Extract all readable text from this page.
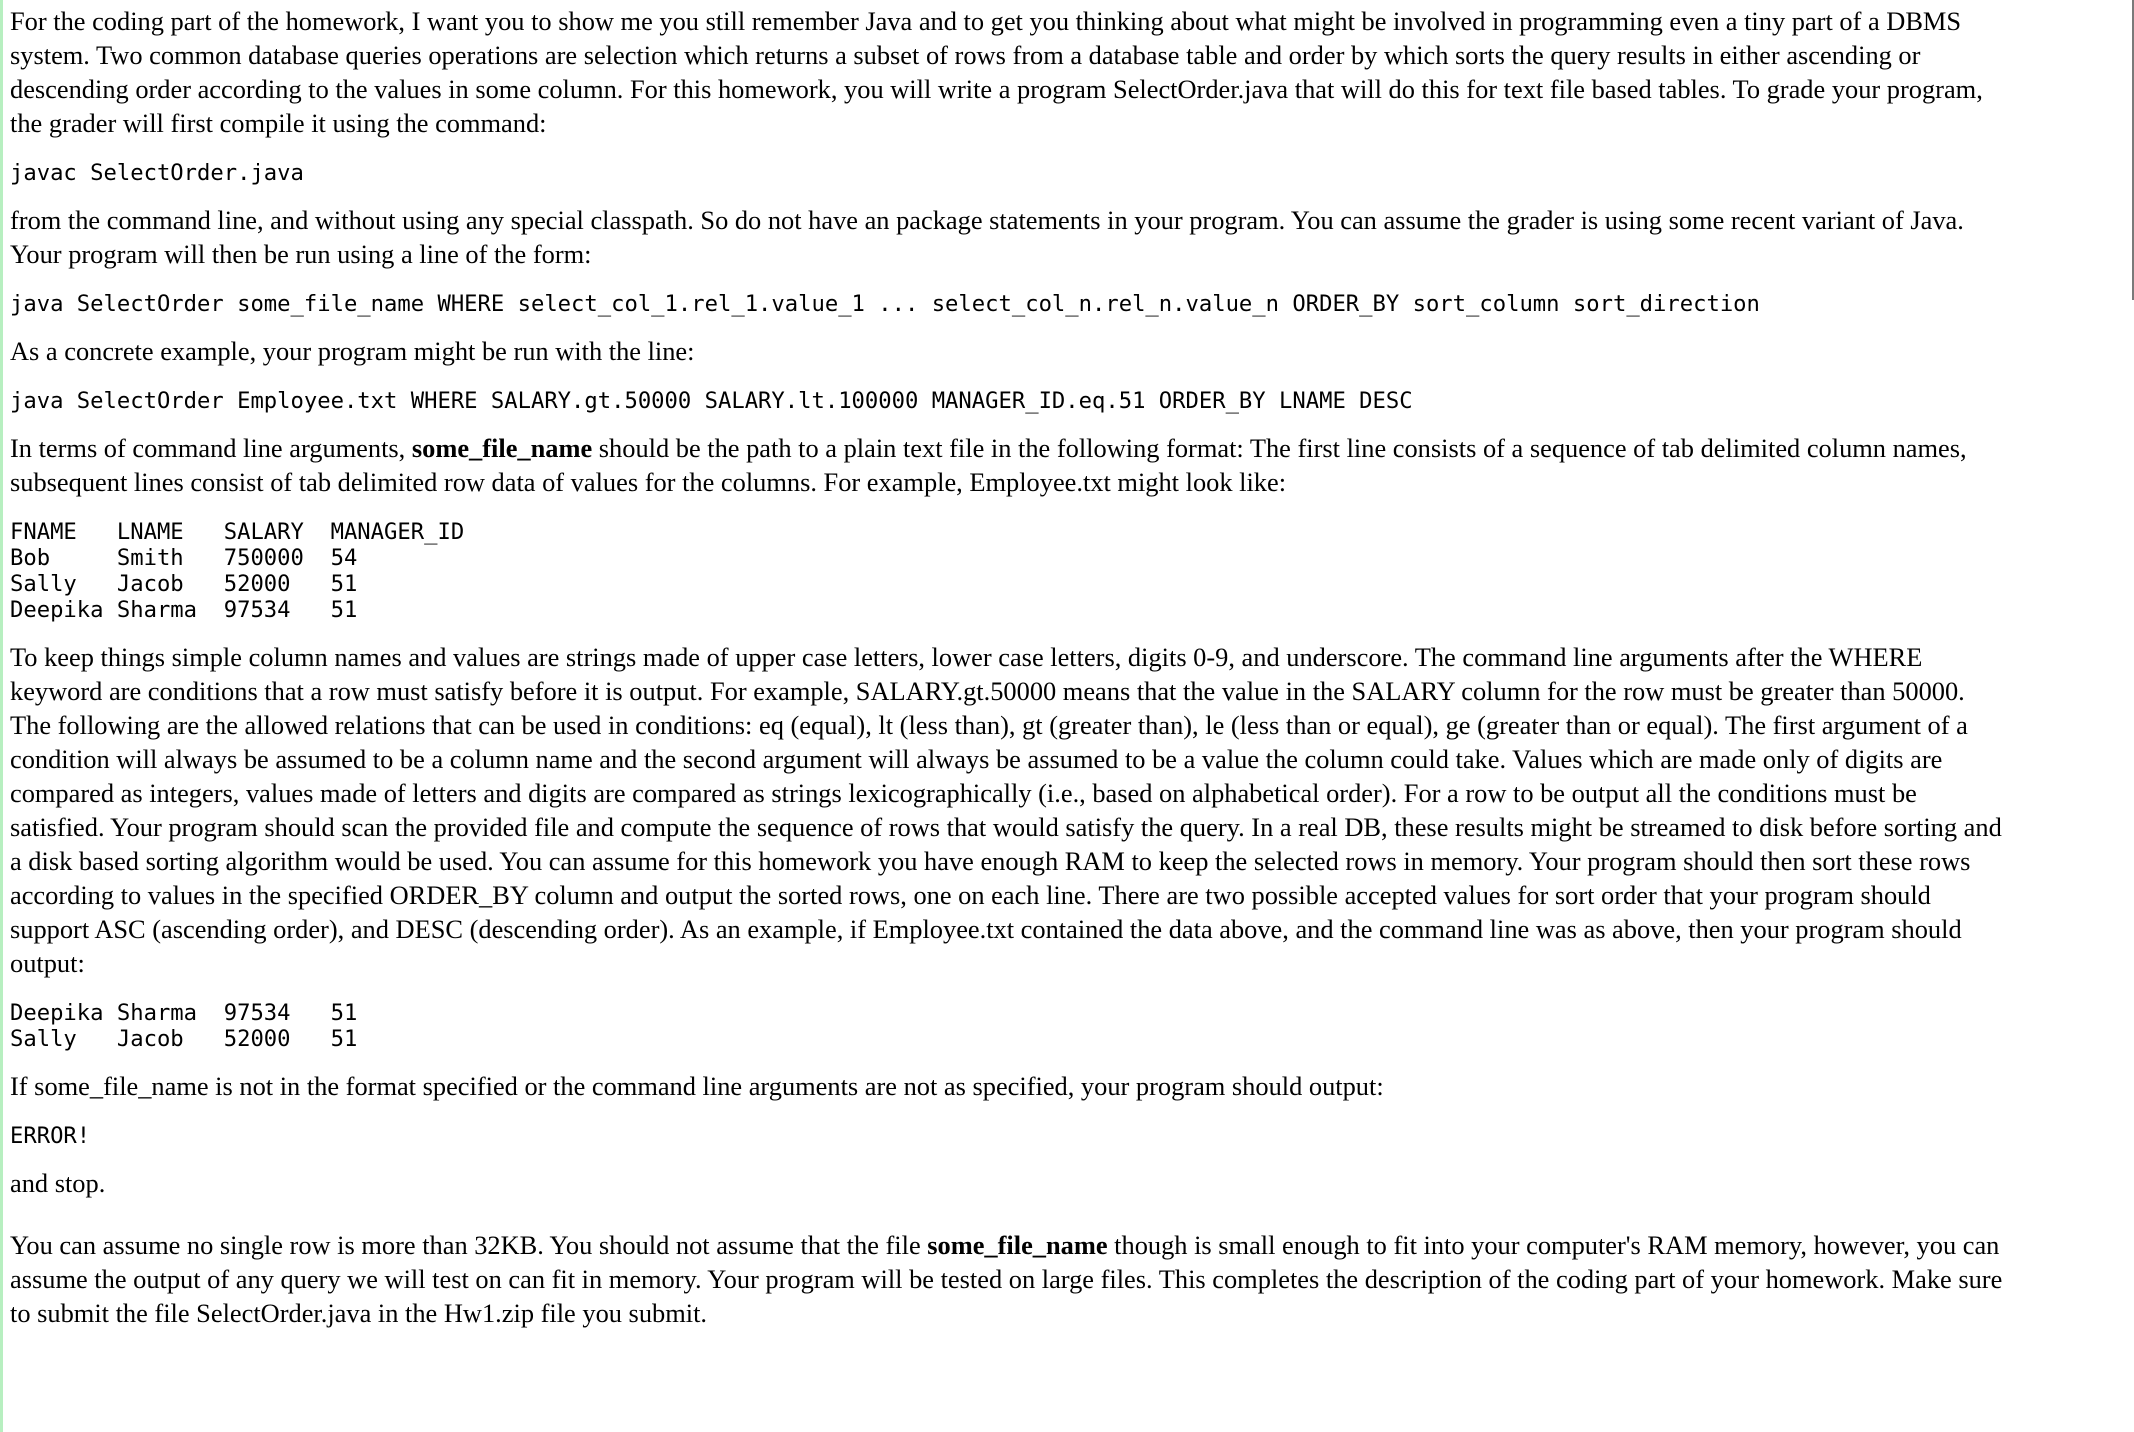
For the coding part of the homework, I want you to show me you still remember Java and to get you thinking about what might be involved in programming even a tiny part of a DBMS

system. Two common database queries operations are selection which returns a subset of rows from a database table and order by which sorts the query results in either ascending or

descending order according to the values in some column. For this homework, you will write a program SelectOrder.java that will do this for text file based tables. To grade your program,

the grader will first compile it using the command:

javac SelectOrder.java

from the command line, and without using any special classpath. So do not have an package statements in your program. You can assume the grader is using some recent variant of Java.

Your program will then be run using a line of the form:

java SelectOrder some_file_name WHERE select_col_1.rel_1.value_1 ... select_col_n.rel_n.value_n ORDER_BY sort_column sort_direction

As a concrete example, your program might be run with the line:

java SelectOrder Employee.txt WHERE SALARY.gt.50000 SALARY.lt.100000 MANAGER_ID.eq.51 ORDER_BY LNAME DESC

In terms of command line arguments, some_file_name should be the path to a plain text file in the following format: The first line consists of a sequence of tab delimited column names,

subsequent lines consist of tab delimited row data of values for the columns. For example, Employee.txt might look like:

FNAME   LNAME   SALARY  MANAGER_ID
Bob     Smith   750000  54
Sally   Jacob   52000   51
Deepika Sharma  97534   51

To keep things simple column names and values are strings made of upper case letters, lower case letters, digits 0-9, and underscore. The command line arguments after the WHERE

keyword are conditions that a row must satisfy before it is output. For example, SALARY.gt.50000 means that the value in the SALARY column for the row must be greater than 50000.

The following are the allowed relations that can be used in conditions: eq (equal), lt (less than), gt (greater than), le (less than or equal), ge (greater than or equal). The first argument of a

condition will always be assumed to be a column name and the second argument will always be assumed to be a value the column could take. Values which are made only of digits are

compared as integers, values made of letters and digits are compared as strings lexicographically (i.e., based on alphabetical order). For a row to be output all the conditions must be

satisfied. Your program should scan the provided file and compute the sequence of rows that would satisfy the query. In a real DB, these results might be streamed to disk before sorting and

a disk based sorting algorithm would be used. You can assume for this homework you have enough RAM to keep the selected rows in memory. Your program should then sort these rows

according to values in the specified ORDER_BY column and output the sorted rows, one on each line. There are two possible accepted values for sort order that your program should

support ASC (ascending order), and DESC (descending order). As an example, if Employee.txt contained the data above, and the command line was as above, then your program should

output:

Deepika Sharma  97534   51
Sally   Jacob   52000   51

If some_file_name is not in the format specified or the command line arguments are not as specified, your program should output:

ERROR!

and stop.

You can assume no single row is more than 32KB. You should not assume that the file some_file_name though is small enough to fit into your computer's RAM memory, however, you can

assume the output of any query we will test on can fit in memory. Your program will be tested on large files. This completes the description of the coding part of your homework. Make sure

to submit the file SelectOrder.java in the Hw1.zip file you submit.
